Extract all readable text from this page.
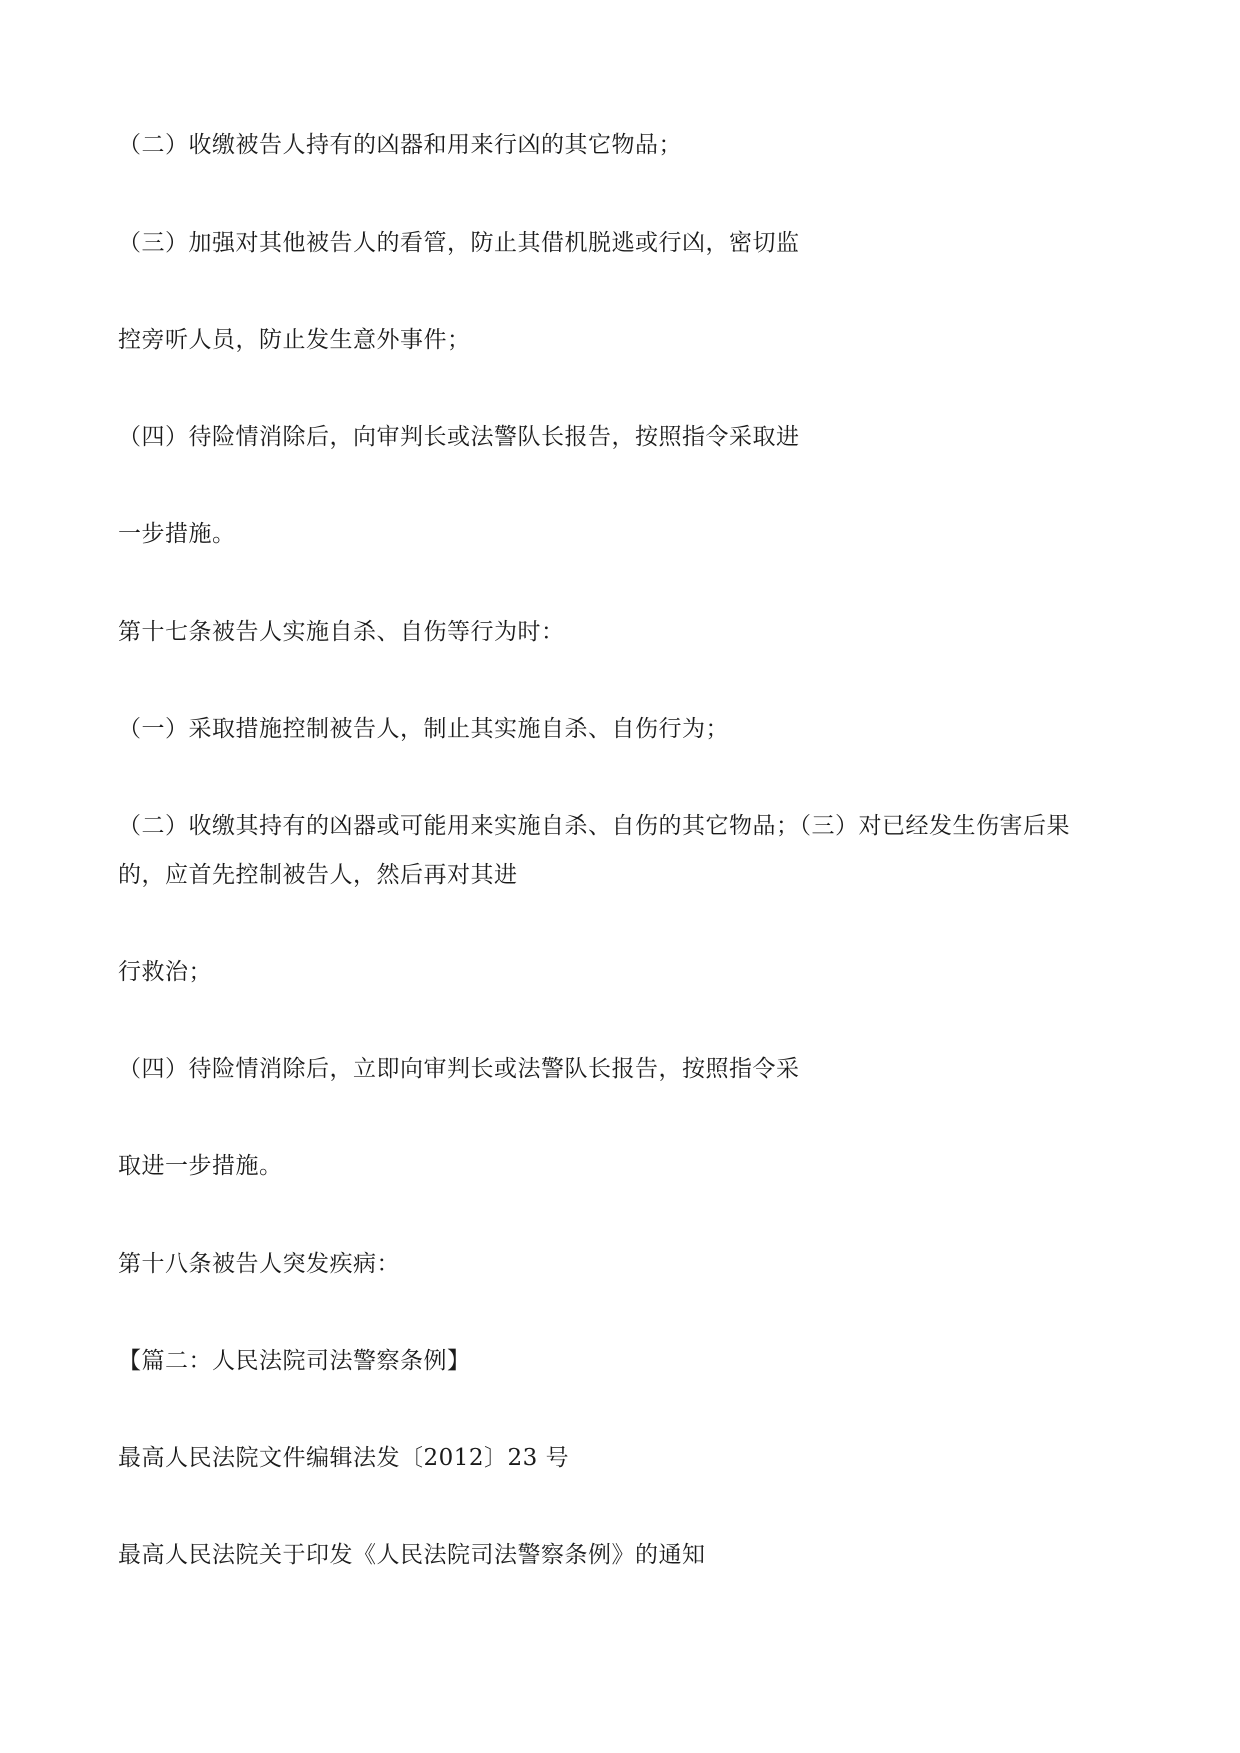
（二）收缴被告人持有的凶器和用来行凶的其它物品；
（三）加强对其他被告人的看管，防止其借机脱逃或行凶，密切监
控旁听人员，防止发生意外事件；
（四）待险情消除后，向审判长或法警队长报告，按照指令采取进
一步措施。
第十七条被告人实施自杀、自伤等行为时：
（一）采取措施控制被告人，制止其实施自杀、自伤行为；
（二）收缴其持有的凶器或可能用来实施自杀、自伤的其它物品；（三）对已经发生伤害后果
的，应首先控制被告人，然后再对其进
行救治；
（四）待险情消除后，立即向审判长或法警队长报告，按照指令采
取进一步措施。
第十八条被告人突发疾病：
【篇二：人民法院司法警察条例】
最高人民法院文件编辑法发〔2012〕23 号
最高人民法院关于印发《人民法院司法警察条例》的通知
